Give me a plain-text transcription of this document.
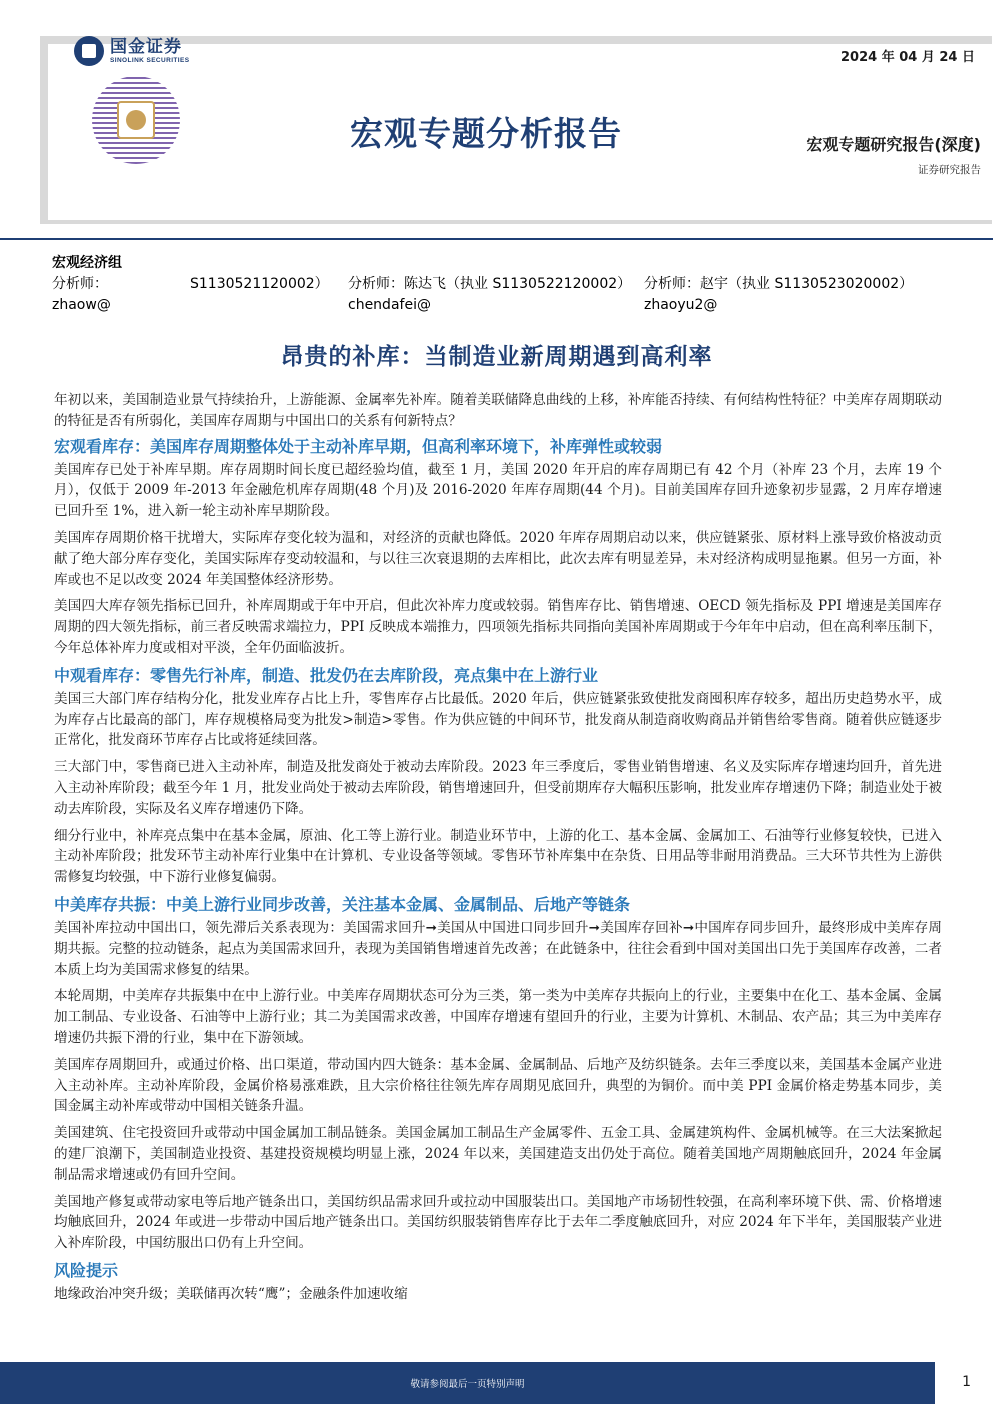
国金证券
SINOLINK SECURITIES	2024 年 04 月 24 日
宏观专题分析报告	宏观专题研究报告(深度)
证券研究报告
宏观经济组
分析师：	S1130521120002）	分析师：陈达飞（执业 S1130522120002） 分析师：赵宇（执业 S1130523020002）
zhaow@	chendafei@	zhaoyu2@
昂贵的补库：当制造业新周期遇到高利率

年初以来，美国制造业景气持续抬升，上游能源、金属率先补库。随着美联储降息曲线的上移，补库能否持续、有何结构性特征？中美库存周期联动的特征是否有所弱化，美国库存周期与中国出口的关系有何新特点？

宏观看库存：美国库存周期整体处于主动补库早期，但高利率环境下，补库弹性或较弱

美国库存已处于补库早期。库存周期时间长度已超经验均值，截至 1 月，美国 2020 年开启的库存周期已有 42 个月（补库 23 个月，去库 19 个月），仅低于 2009 年-2013 年金融危机库存周期(48 个月)及 2016-2020 年库存周期(44 个月)。目前美国库存回升迹象初步显露，2 月库存增速已回升至 1%，进入新一轮主动补库早期阶段。

美国库存周期价格干扰增大，实际库存变化较为温和，对经济的贡献也降低。2020 年库存周期启动以来，供应链紧张、原材料上涨导致价格波动贡献了绝大部分库存变化，美国实际库存变动较温和，与以往三次衰退期的去库相比，此次去库有明显差异，未对经济构成明显拖累。但另一方面，补库或也不足以改变 2024 年美国整体经济形势。

美国四大库存领先指标已回升，补库周期或于年中开启，但此次补库力度或较弱。销售库存比、销售增速、OECD 领先指标及 PPI 增速是美国库存周期的四大领先指标，前三者反映需求端拉力，PPI 反映成本端推力，四项领先指标共同指向美国补库周期或于今年年中启动，但在高利率压制下，今年总体补库力度或相对平淡，全年仍面临波折。

中观看库存：零售先行补库，制造、批发仍在去库阶段，亮点集中在上游行业

美国三大部门库存结构分化，批发业库存占比上升，零售库存占比最低。2020 年后，供应链紧张致使批发商囤积库存较多，超出历史趋势水平，成为库存占比最高的部门，库存规模格局变为批发>制造>零售。作为供应链的中间环节，批发商从制造商收购商品并销售给零售商。随着供应链逐步正常化，批发商环节库存占比或将延续回落。

三大部门中，零售商已进入主动补库，制造及批发商处于被动去库阶段。2023 年三季度后，零售业销售增速、名义及实际库存增速均回升，首先进入主动补库阶段；截至今年 1 月，批发业尚处于被动去库阶段，销售增速回升，但受前期库存大幅积压影响，批发业库存增速仍下降；制造业处于被动去库阶段，实际及名义库存增速仍下降。

细分行业中，补库亮点集中在基本金属，原油、化工等上游行业。制造业环节中，上游的化工、基本金属、金属加工、石油等行业修复较快，已进入主动补库阶段；批发环节主动补库行业集中在计算机、专业设备等领域。零售环节补库集中在杂货、日用品等非耐用消费品。三大环节共性为上游供需修复均较强，中下游行业修复偏弱。

中美库存共振：中美上游行业同步改善，关注基本金属、金属制品、后地产等链条

美国补库拉动中国出口，领先滞后关系表现为：美国需求回升➞美国从中国进口同步回升➞美国库存回补➞中国库存同步回升，最终形成中美库存周期共振。完整的拉动链条，起点为美国需求回升，表现为美国销售增速首先改善；在此链条中，往往会看到中国对美国出口先于美国库存改善，二者本质上均为美国需求修复的结果。

本轮周期，中美库存共振集中在中上游行业。中美库存周期状态可分为三类，第一类为中美库存共振向上的行业，主要集中在化工、基本金属、金属加工制品、专业设备、石油等中上游行业；其二为美国需求改善，中国库存增速有望回升的行业，主要为计算机、木制品、农产品；其三为中美库存增速仍共振下滑的行业，集中在下游领域。

美国库存周期回升，或通过价格、出口渠道，带动国内四大链条：基本金属、金属制品、后地产及纺织链条。去年三季度以来，美国基本金属产业进入主动补库。主动补库阶段，金属价格易涨难跌，且大宗价格往往领先库存周期见底回升，典型的为铜价。而中美 PPI 金属价格走势基本同步，美国金属主动补库或带动中国相关链条升温。

美国建筑、住宅投资回升或带动中国金属加工制品链条。美国金属加工制品生产金属零件、五金工具、金属建筑构件、金属机械等。在三大法案掀起的建厂浪潮下，美国制造业投资、基建投资规模均明显上涨，2024 年以来，美国建造支出仍处于高位。随着美国地产周期触底回升，2024 年金属制品需求增速或仍有回升空间。

美国地产修复或带动家电等后地产链条出口，美国纺织品需求回升或拉动中国服装出口。美国地产市场韧性较强，在高利率环境下供、需、价格增速均触底回升，2024 年或进一步带动中国后地产链条出口。美国纺织服装销售库存比于去年二季度触底回升，对应 2024 年下半年，美国服装产业进入补库阶段，中国纺服出口仍有上升空间。

风险提示

地缘政治冲突升级；美联储再次转“鹰”；金融条件加速收缩

敬请参阅最后一页特别声明	1
